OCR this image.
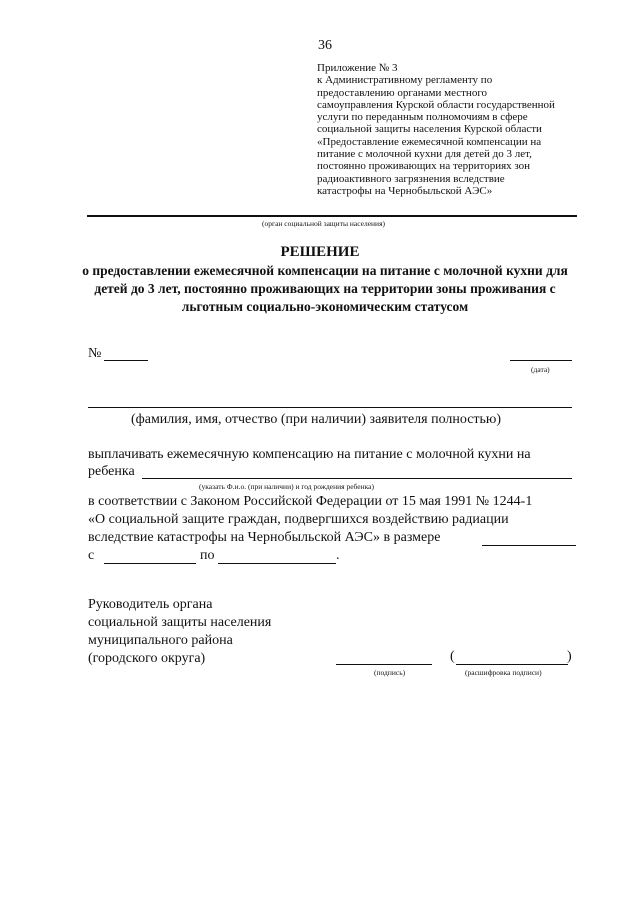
36
Приложение № 3
к Административному регламенту по
предоставлению органами местного
самоуправления Курской области государственной
услуги по переданным полномочиям в сфере
социальной защиты населения Курской области
«Предоставление ежемесячной компенсации на
питание с молочной кухни для детей до 3 лет,
постоянно проживающих на территориях зон
радиоактивного загрязнения вследствие
катастрофы на Чернобыльской АЭС»
(орган социальной защиты населения)
РЕШЕНИЕ
о предоставлении ежемесячной компенсации на питание с молочной кухни для детей до 3 лет, постоянно проживающих на территории зоны проживания с льготным социально-экономическим статусом
№
(дата)
(фамилия, имя, отчество (при наличии) заявителя полностью)
выплачивать ежемесячную компенсацию на питание с молочной кухни на
ребенка
(указать Ф.и.о. (при наличии) и год рождения ребенка)
в соответствии с Законом Российской Федерации от 15 мая 1991 № 1244-1
«О социальной защите граждан, подвергшихся воздействию радиации
вследствие катастрофы на Чернобыльской АЭС» в размере
с	по	.
Руководитель органа
социальной защиты населения
муниципального района
(городского округа)
(подпись)
(	)
(расшифровка подписи)
